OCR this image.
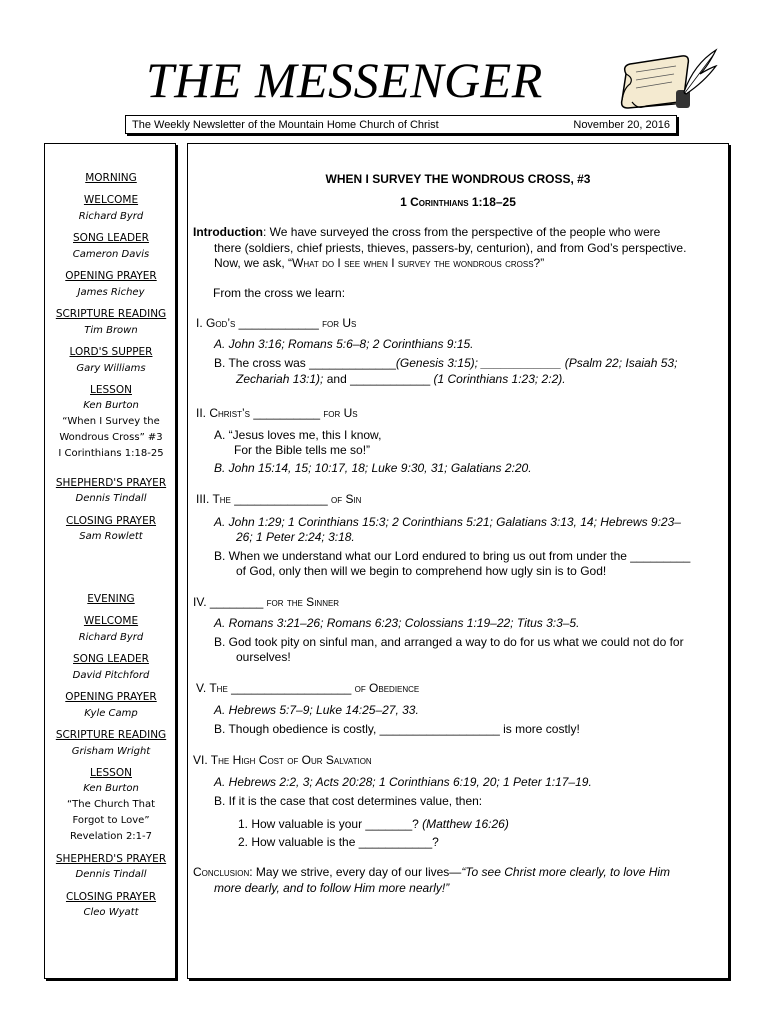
THE MESSENGER
The Weekly Newsletter of the Mountain Home Church of Christ	November 20, 2016
MORNING
WELCOME
Richard Byrd
SONG LEADER
Cameron Davis
OPENING PRAYER
James Richey
SCRIPTURE READING
Tim Brown
LORD'S SUPPER
Gary Williams
LESSON
Ken Burton
“When I Survey the
Wondrous Cross” #3
I Corinthians 1:18-25
SHEPHERD'S PRAYER
Dennis Tindall
CLOSING PRAYER
Sam Rowlett
EVENING
WELCOME
Richard Byrd
SONG LEADER
David Pitchford
OPENING PRAYER
Kyle Camp
SCRIPTURE READING
Grisham Wright
LESSON
Ken Burton
“The Church That
Forgot to Love”
Revelation 2:1-7
SHEPHERD'S PRAYER
Dennis Tindall
CLOSING PRAYER
Cleo Wyatt
WHEN I SURVEY THE WONDROUS CROSS, #3
1 Corinthians 1:18–25
Introduction: We have surveyed the cross from the perspective of the people who were
there (soldiers, chief priests, thieves, passers-by, centurion), and from God’s perspective.
Now, we ask, “What do I see when I survey the wondrous cross?”
From the cross we learn:
I. God’s ____________ for Us
A. John 3:16; Romans 5:6–8; 2 Corinthians 9:15.
B. The cross was _____________(Genesis 3:15); ____________ (Psalm 22; Isaiah 53;
Zechariah 13:1); and ____________ (1 Corinthians 1:23; 2:2).
II. Christ’s __________ for Us
A. “Jesus loves me, this I know,
For the Bible tells me so!”
B. John 15:14, 15; 10:17, 18; Luke 9:30, 31; Galatians 2:20.
III. The ______________ of Sin
A. John 1:29; 1 Corinthians 15:3; 2 Corinthians 5:21; Galatians 3:13, 14; Hebrews 9:23–
26; 1 Peter 2:24; 3:18.
B. When we understand what our Lord endured to bring us out from under the _________
of God, only then will we begin to comprehend how ugly sin is to God!
IV. ________ for the Sinner
A. Romans 3:21–26; Romans 6:23; Colossians 1:19–22; Titus 3:3–5.
B. God took pity on sinful man, and arranged a way to do for us what we could not do for
ourselves!
V. The __________________ of Obedience
A. Hebrews 5:7–9; Luke 14:25–27, 33.
B. Though obedience is costly, __________________ is more costly!
VI. The High Cost of Our Salvation
A. Hebrews 2:2, 3; Acts 20:28; 1 Corinthians 6:19, 20; 1 Peter 1:17–19.
B. If it is the case that cost determines value, then:
1. How valuable is your _______? (Matthew 16:26)
2. How valuable is the ___________?
Conclusion: May we strive, every day of our lives—“To see Christ more clearly, to love Him
more dearly, and to follow Him more nearly!”
